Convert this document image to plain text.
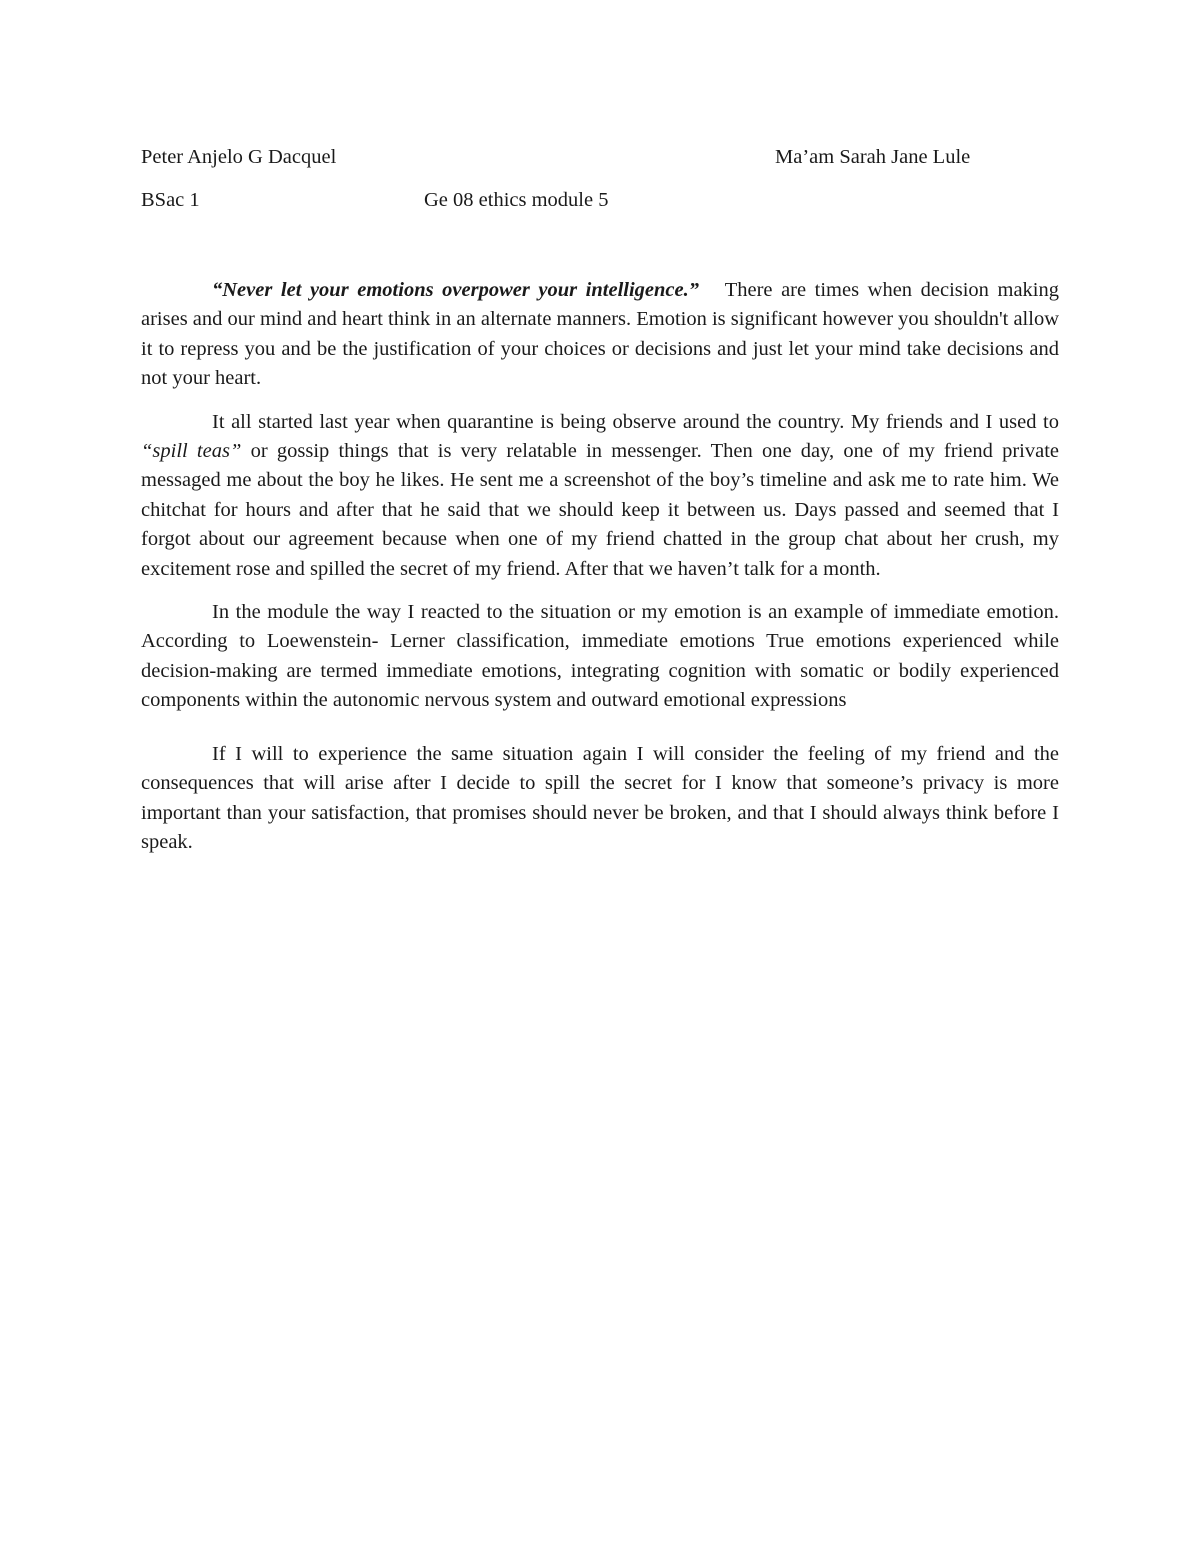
Peter Anjelo G Dacquel	Ma’am Sarah Jane Lule
BSac 1	Ge 08 ethics module 5

“Never let your emotions overpower your intelligence.” There are times when decision making arises and our mind and heart think in an alternate manners. Emotion is significant however you shouldn't allow it to repress you and be the justification of your choices or decisions and just let your mind take decisions and not your heart.

It all started last year when quarantine is being observe around the country. My friends and I used to “spill teas” or gossip things that is very relatable in messenger. Then one day, one of my friend private messaged me about the boy he likes. He sent me a screenshot of the boy’s timeline and ask me to rate him. We chitchat for hours and after that he said that we should keep it between us. Days passed and seemed that I forgot about our agreement because when one of my friend chatted in the group chat about her crush, my excitement rose and spilled the secret of my friend. After that we haven’t talk for a month.

In the module the way I reacted to the situation or my emotion is an example of immediate emotion. According to Loewenstein- Lerner classification, immediate emotions True emotions experienced while decision-making are termed immediate emotions, integrating cognition with somatic or bodily experienced components within the autonomic nervous system and outward emotional expressions

If I will to experience the same situation again I will consider the feeling of my friend and the consequences that will arise after I decide to spill the secret for I know that someone’s privacy is more important than your satisfaction, that promises should never be broken, and that I should always think before I speak.
